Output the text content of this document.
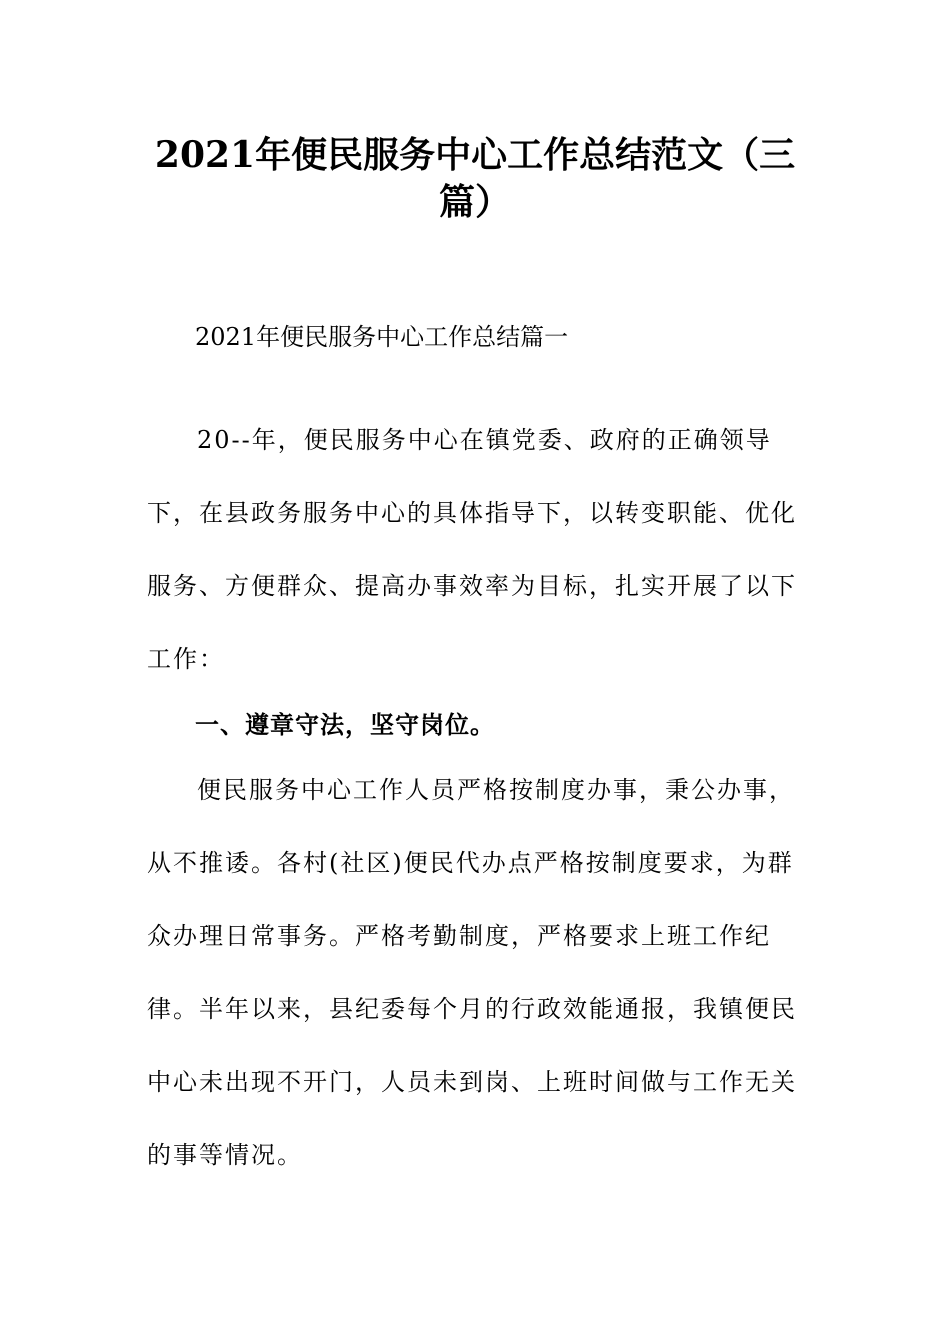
2021年便民服务中心工作总结范文（三
篇）
2021年便民服务中心工作总结篇一
20--年，便民服务中心在镇党委、政府的正确领导
下，在县政务服务中心的具体指导下，以转变职能、优化
服务、方便群众、提高办事效率为目标，扎实开展了以下
工作：
一、遵章守法，坚守岗位。
便民服务中心工作人员严格按制度办事，秉公办事，
从不推诿。各村(社区)便民代办点严格按制度要求，为群
众办理日常事务。严格考勤制度，严格要求上班工作纪
律。半年以来，县纪委每个月的行政效能通报，我镇便民
中心未出现不开门，人员未到岗、上班时间做与工作无关
的事等情况。
